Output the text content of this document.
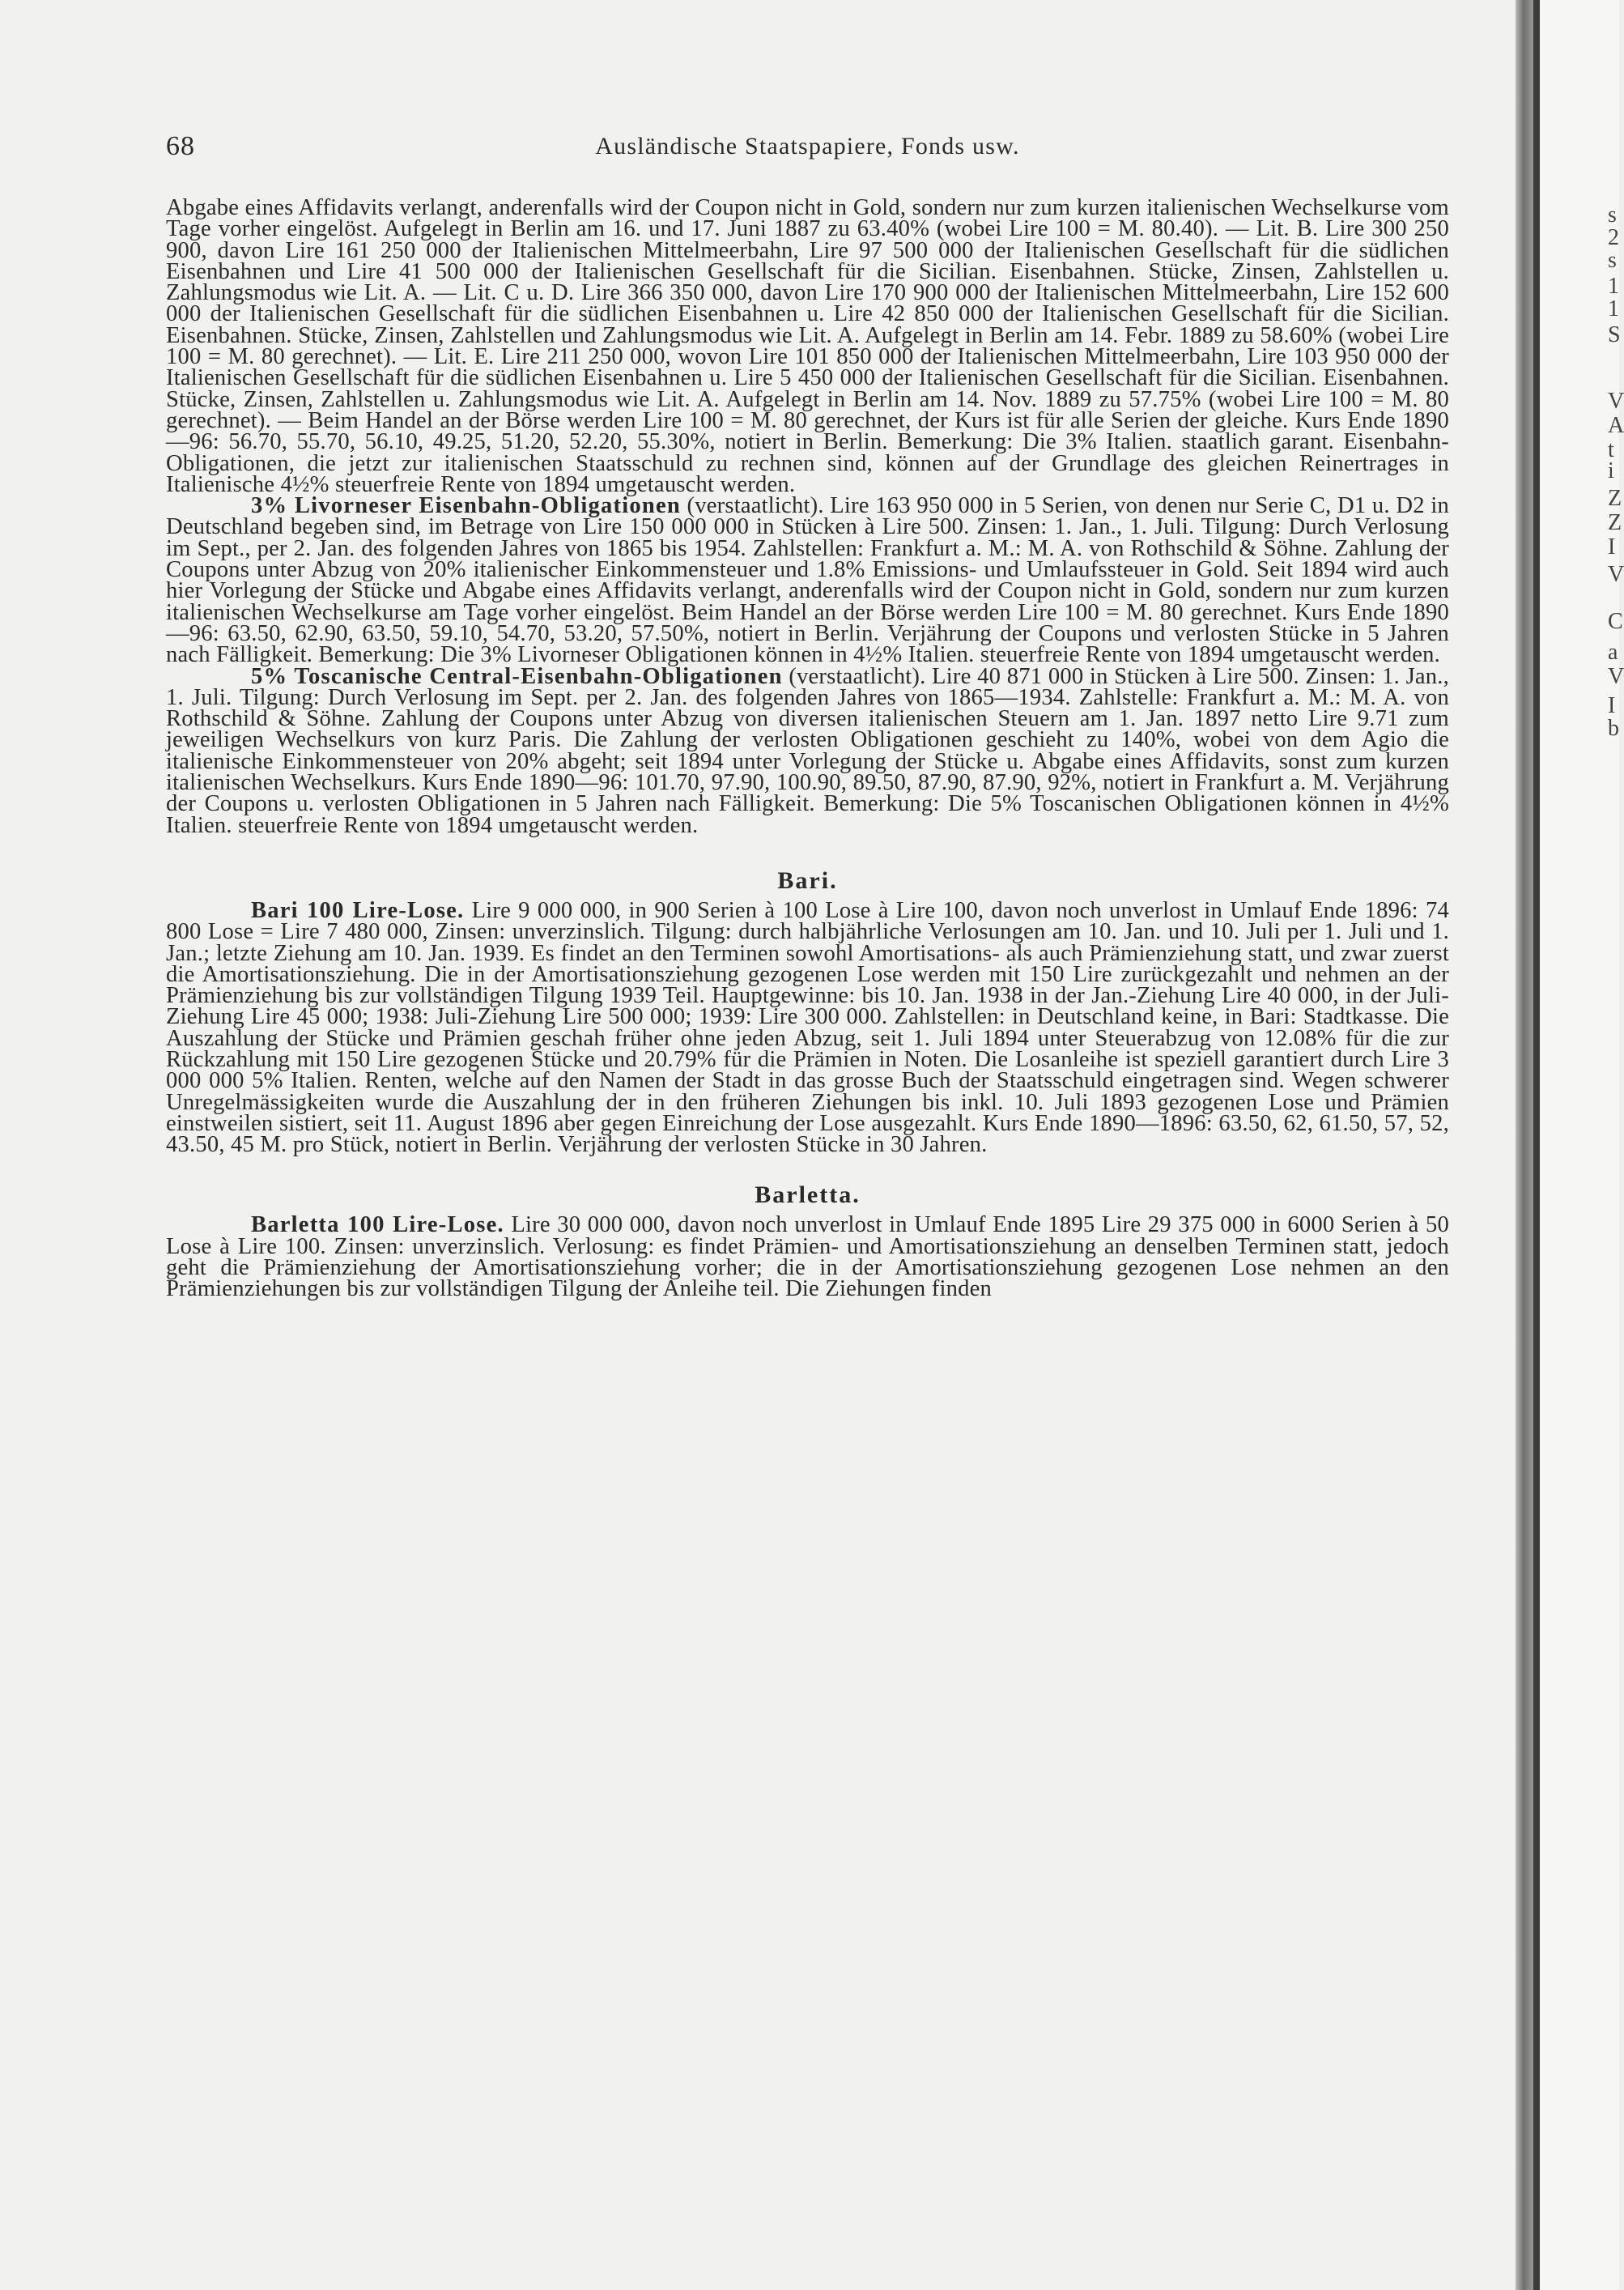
68	Ausländische Staatspapiere, Fonds usw.

Abgabe eines Affidavits verlangt, anderenfalls wird der Coupon nicht in Gold, sondern nur zum kurzen italienischen Wechselkurse vom Tage vorher eingelöst. Aufgelegt in Berlin am 16. und 17. Juni 1887 zu 63.40% (wobei Lire 100 = M. 80.40). — Lit. B. Lire 300 250 900, davon Lire 161 250 000 der Italienischen Mittelmeerbahn, Lire 97 500 000 der Italienischen Gesellschaft für die südlichen Eisenbahnen und Lire 41 500 000 der Italienischen Gesellschaft für die Sicilian. Eisenbahnen. Stücke, Zinsen, Zahlstellen u. Zahlungsmodus wie Lit. A. — Lit. C u. D. Lire 366 350 000, davon Lire 170 900 000 der Italienischen Mittelmeerbahn, Lire 152 600 000 der Italienischen Gesellschaft für die südlichen Eisenbahnen u. Lire 42 850 000 der Italienischen Gesellschaft für die Sicilian. Eisenbahnen. Stücke, Zinsen, Zahlstellen und Zahlungsmodus wie Lit. A. Aufgelegt in Berlin am 14. Febr. 1889 zu 58.60% (wobei Lire 100 = M. 80 gerechnet). — Lit. E. Lire 211 250 000, wovon Lire 101 850 000 der Italienischen Mittelmeerbahn, Lire 103 950 000 der Italienischen Gesellschaft für die südlichen Eisenbahnen u. Lire 5 450 000 der Italienischen Gesellschaft für die Sicilian. Eisenbahnen. Stücke, Zinsen, Zahlstellen u. Zahlungsmodus wie Lit. A. Aufgelegt in Berlin am 14. Nov. 1889 zu 57.75% (wobei Lire 100 = M. 80 gerechnet). — Beim Handel an der Börse werden Lire 100 = M. 80 gerechnet, der Kurs ist für alle Serien der gleiche. Kurs Ende 1890—96: 56.70, 55.70, 56.10, 49.25, 51.20, 52.20, 55.30%, notiert in Berlin. Bemerkung: Die 3% Italien. staatlich garant. Eisenbahn-Obligationen, die jetzt zur italienischen Staatsschuld zu rechnen sind, können auf der Grundlage des gleichen Reinertrages in Italienische 4½% steuerfreie Rente von 1894 umgetauscht werden.

3% Livorneser Eisenbahn-Obligationen (verstaatlicht). Lire 163 950 000 in 5 Serien, von denen nur Serie C, D1 u. D2 in Deutschland begeben sind, im Betrage von Lire 150 000 000 in Stücken à Lire 500. Zinsen: 1. Jan., 1. Juli. Tilgung: Durch Verlosung im Sept., per 2. Jan. des folgenden Jahres von 1865 bis 1954. Zahlstellen: Frankfurt a. M.: M. A. von Rothschild & Söhne. Zahlung der Coupons unter Abzug von 20% italienischer Einkommensteuer und 1.8% Emissions- und Umlaufssteuer in Gold. Seit 1894 wird auch hier Vorlegung der Stücke und Abgabe eines Affidavits verlangt, anderenfalls wird der Coupon nicht in Gold, sondern nur zum kurzen italienischen Wechselkurse am Tage vorher eingelöst. Beim Handel an der Börse werden Lire 100 = M. 80 gerechnet. Kurs Ende 1890—96: 63.50, 62.90, 63.50, 59.10, 54.70, 53.20, 57.50%, notiert in Berlin. Verjährung der Coupons und verlosten Stücke in 5 Jahren nach Fälligkeit. Bemerkung: Die 3% Livorneser Obligationen können in 4½% Italien. steuerfreie Rente von 1894 umgetauscht werden.

5% Toscanische Central-Eisenbahn-Obligationen (verstaatlicht). Lire 40 871 000 in Stücken à Lire 500. Zinsen: 1. Jan., 1. Juli. Tilgung: Durch Verlosung im Sept. per 2. Jan. des folgenden Jahres von 1865—1934. Zahlstelle: Frankfurt a. M.: M. A. von Rothschild & Söhne. Zahlung der Coupons unter Abzug von diversen italienischen Steuern am 1. Jan. 1897 netto Lire 9.71 zum jeweiligen Wechselkurs von kurz Paris. Die Zahlung der verlosten Obligationen geschieht zu 140%, wobei von dem Agio die italienische Einkommensteuer von 20% abgeht; seit 1894 unter Vorlegung der Stücke u. Abgabe eines Affidavits, sonst zum kurzen italienischen Wechselkurs. Kurs Ende 1890—96: 101.70, 97.90, 100.90, 89.50, 87.90, 87.90, 92%, notiert in Frankfurt a. M. Verjährung der Coupons u. verlosten Obligationen in 5 Jahren nach Fälligkeit. Bemerkung: Die 5% Toscanischen Obligationen können in 4½% Italien. steuerfreie Rente von 1894 umgetauscht werden.

Bari.

Bari 100 Lire-Lose. Lire 9 000 000, in 900 Serien à 100 Lose à Lire 100, davon noch unverlost in Umlauf Ende 1896: 74 800 Lose = Lire 7 480 000, Zinsen: unverzinslich. Tilgung: durch halbjährliche Verlosungen am 10. Jan. und 10. Juli per 1. Juli und 1. Jan.; letzte Ziehung am 10. Jan. 1939. Es findet an den Terminen sowohl Amortisations- als auch Prämienziehung statt, und zwar zuerst die Amortisationsziehung. Die in der Amortisationsziehung gezogenen Lose werden mit 150 Lire zurückgezahlt und nehmen an der Prämienziehung bis zur vollständigen Tilgung 1939 Teil. Hauptgewinne: bis 10. Jan. 1938 in der Jan.-Ziehung Lire 40 000, in der Juli-Ziehung Lire 45 000; 1938: Juli-Ziehung Lire 500 000; 1939: Lire 300 000. Zahlstellen: in Deutschland keine, in Bari: Stadtkasse. Die Auszahlung der Stücke und Prämien geschah früher ohne jeden Abzug, seit 1. Juli 1894 unter Steuerabzug von 12.08% für die zur Rückzahlung mit 150 Lire gezogenen Stücke und 20.79% für die Prämien in Noten. Die Losanleihe ist speziell garantiert durch Lire 3 000 000 5% Italien. Renten, welche auf den Namen der Stadt in das grosse Buch der Staatsschuld eingetragen sind. Wegen schwerer Unregelmässigkeiten wurde die Auszahlung der in den früheren Ziehungen bis inkl. 10. Juli 1893 gezogenen Lose und Prämien einstweilen sistiert, seit 11. August 1896 aber gegen Einreichung der Lose ausgezahlt. Kurs Ende 1890—1896: 63.50, 62, 61.50, 57, 52, 43.50, 45 M. pro Stück, notiert in Berlin. Verjährung der verlosten Stücke in 30 Jahren.

Barletta.

Barletta 100 Lire-Lose. Lire 30 000 000, davon noch unverlost in Umlauf Ende 1895 Lire 29 375 000 in 6000 Serien à 50 Lose à Lire 100. Zinsen: unverzinslich. Verlosung: es findet Prämien- und Amortisationsziehung an denselben Terminen statt, jedoch geht die Prämienziehung der Amortisationsziehung vorher; die in der Amortisationsziehung gezogenen Lose nehmen an den Prämienziehungen bis zur vollständigen Tilgung der Anleihe teil. Die Ziehungen finden

s
2
s
1
1
S
V
A
t
i
Z
Z
I
V
C
a
V
I
b
